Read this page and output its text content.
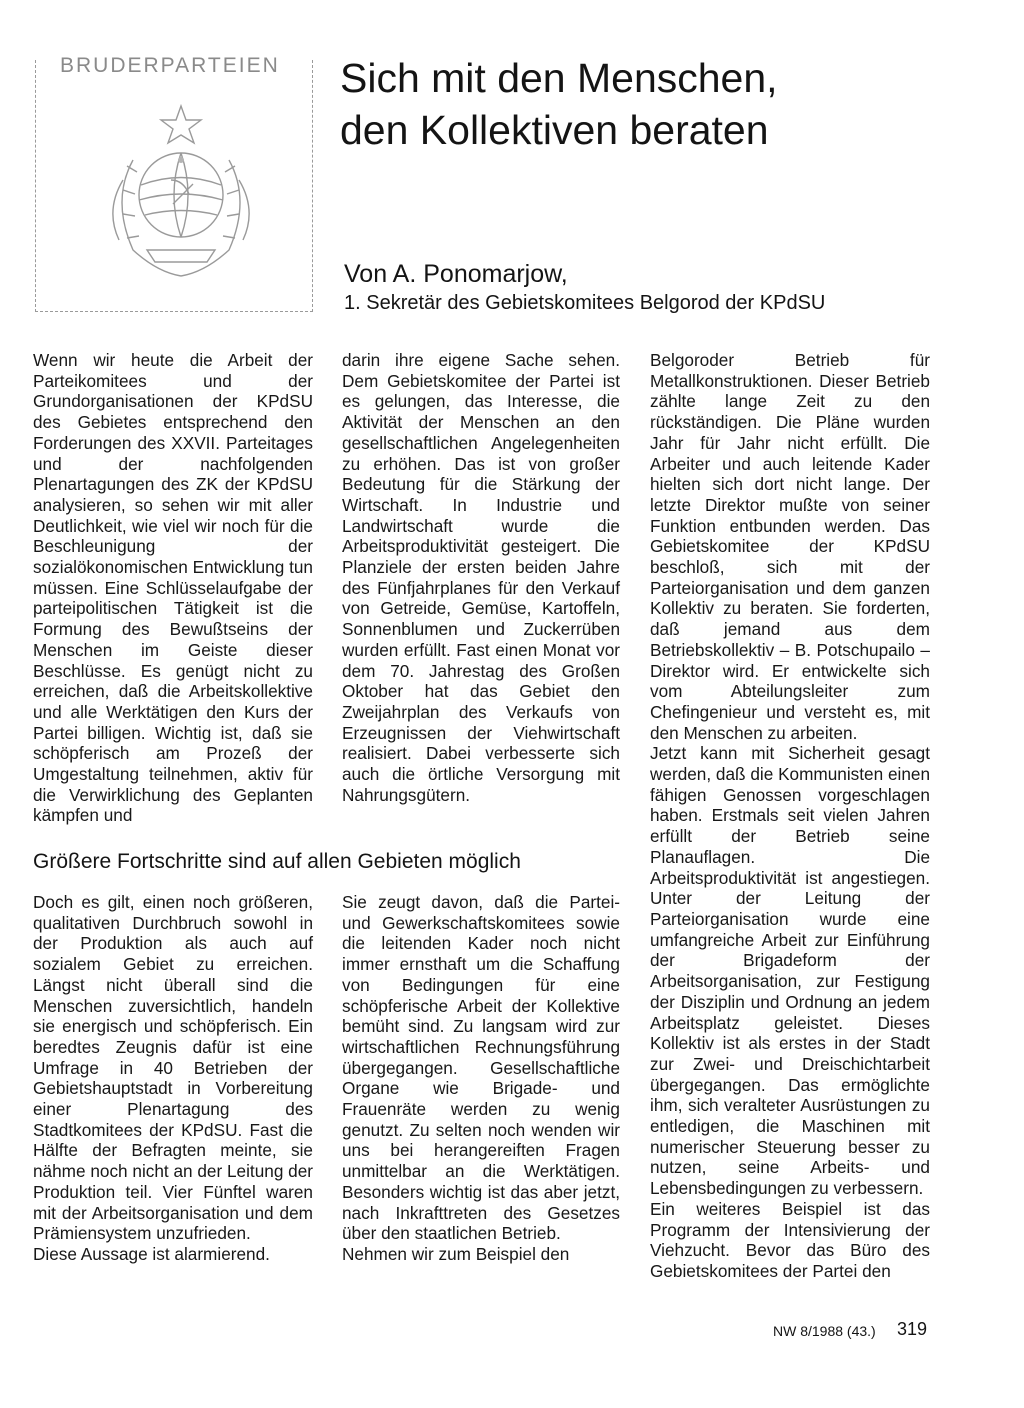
BRUDERPARTEIEN Sich mit den Menschen,
den Kollektiven beraten
Von A. Ponomarjow,
1. Sekretär des Gebietskomitees Belgorod der KPdSU

Wenn wir heute die Arbeit der Parteikomitees und der Grundorganisationen der KPdSU des Gebietes entsprechend den Forderungen des XXVII. Parteitages und der nachfolgenden Plenartagungen des ZK der KPdSU analysieren, so sehen wir mit aller Deutlichkeit, wie viel wir noch für die Beschleunigung der sozialökonomischen Entwicklung tun müssen. Eine Schlüsselaufgabe der parteipolitischen Tätigkeit ist die Formung des Bewußtseins der Menschen im Geiste dieser Beschlüsse. Es genügt nicht zu erreichen, daß die Arbeitskollektive und alle Werktätigen den Kurs der Partei billigen. Wichtig ist, daß sie schöpferisch am Prozeß der Umgestaltung teilnehmen, aktiv für die Verwirklichung des Geplanten kämpfen und

darin ihre eigene Sache sehen. Dem Gebietskomitee der Partei ist es gelungen, das Interesse, die Aktivität der Menschen an den gesellschaftlichen Angelegenheiten zu erhöhen. Das ist von großer Bedeutung für die Stärkung der Wirtschaft. In Industrie und Landwirtschaft wurde die Arbeitsproduktivität gesteigert. Die Planziele der ersten beiden Jahre des Fünfjahrplanes für den Verkauf von Getreide, Gemüse, Kartoffeln, Sonnenblumen und Zuckerrüben wurden erfüllt. Fast einen Monat vor dem 70. Jahrestag des Großen Oktober hat das Gebiet den Zweijahrplan des Verkaufs von Erzeugnissen der Viehwirtschaft realisiert. Dabei verbesserte sich auch die örtliche Versorgung mit Nahrungsgütern.

Größere Fortschritte sind auf allen Gebieten möglich

Doch es gilt, einen noch größeren, qualitativen Durchbruch sowohl in der Produktion als auch auf sozialem Gebiet zu erreichen. Längst nicht überall sind die Menschen zuversichtlich, handeln sie energisch und schöpferisch. Ein beredtes Zeugnis dafür ist eine Umfrage in 40 Betrieben der Gebietshauptstadt in Vorbereitung einer Plenartagung des Stadtkomitees der KPdSU. Fast die Hälfte der Befragten meinte, sie nähme noch nicht an der Leitung der Produktion teil. Vier Fünftel waren mit der Arbeitsorganisation und dem Prämiensystem unzufrieden.

Diese Aussage ist alarmierend.

Sie zeugt davon, daß die Partei- und Gewerkschaftskomitees sowie die leitenden Kader noch nicht immer ernsthaft um die Schaffung von Bedingungen für eine schöpferische Arbeit der Kollektive bemüht sind. Zu langsam wird zur wirtschaftlichen Rechnungsführung übergegangen. Gesellschaftliche Organe wie Brigade- und Frauenräte werden zu wenig genutzt. Zu selten noch wenden wir uns bei herangereiften Fragen unmittelbar an die Werktätigen. Besonders wichtig ist das aber jetzt, nach Inkrafttreten des Gesetzes über den staatlichen Betrieb.

Nehmen wir zum Beispiel den

Belgoroder Betrieb für Metallkonstruktionen. Dieser Betrieb zählte lange Zeit zu den rückständigen. Die Pläne wurden Jahr für Jahr nicht erfüllt. Die Arbeiter und auch leitende Kader hielten sich dort nicht lange. Der letzte Direktor mußte von seiner Funktion entbunden werden. Das Gebietskomitee der KPdSU beschloß, sich mit der Parteiorganisation und dem ganzen Kollektiv zu beraten. Sie forderten, daß jemand aus dem Betriebskollektiv – B. Potschupailo – Direktor wird. Er entwickelte sich vom Abteilungsleiter zum Chefingenieur und versteht es, mit den Menschen zu arbeiten.

Jetzt kann mit Sicherheit gesagt werden, daß die Kommunisten einen fähigen Genossen vorgeschlagen haben. Erstmals seit vielen Jahren erfüllt der Betrieb seine Planauflagen. Die Arbeitsproduktivität ist angestiegen. Unter der Leitung der Parteiorganisation wurde eine umfangreiche Arbeit zur Einführung der Brigadeform der Arbeitsorganisation, zur Festigung der Disziplin und Ordnung an jedem Arbeitsplatz geleistet. Dieses Kollektiv ist als erstes in der Stadt zur Zwei- und Dreischichtarbeit übergegangen. Das ermöglichte ihm, sich veralteter Ausrüstungen zu entledigen, die Maschinen mit numerischer Steuerung besser zu nutzen, seine Arbeits- und Lebensbedingungen zu verbessern.

Ein weiteres Beispiel ist das Programm der Intensivierung der Viehzucht. Bevor das Büro des Gebietskomitees der Partei den

NW 8/1988 (43.) 319
